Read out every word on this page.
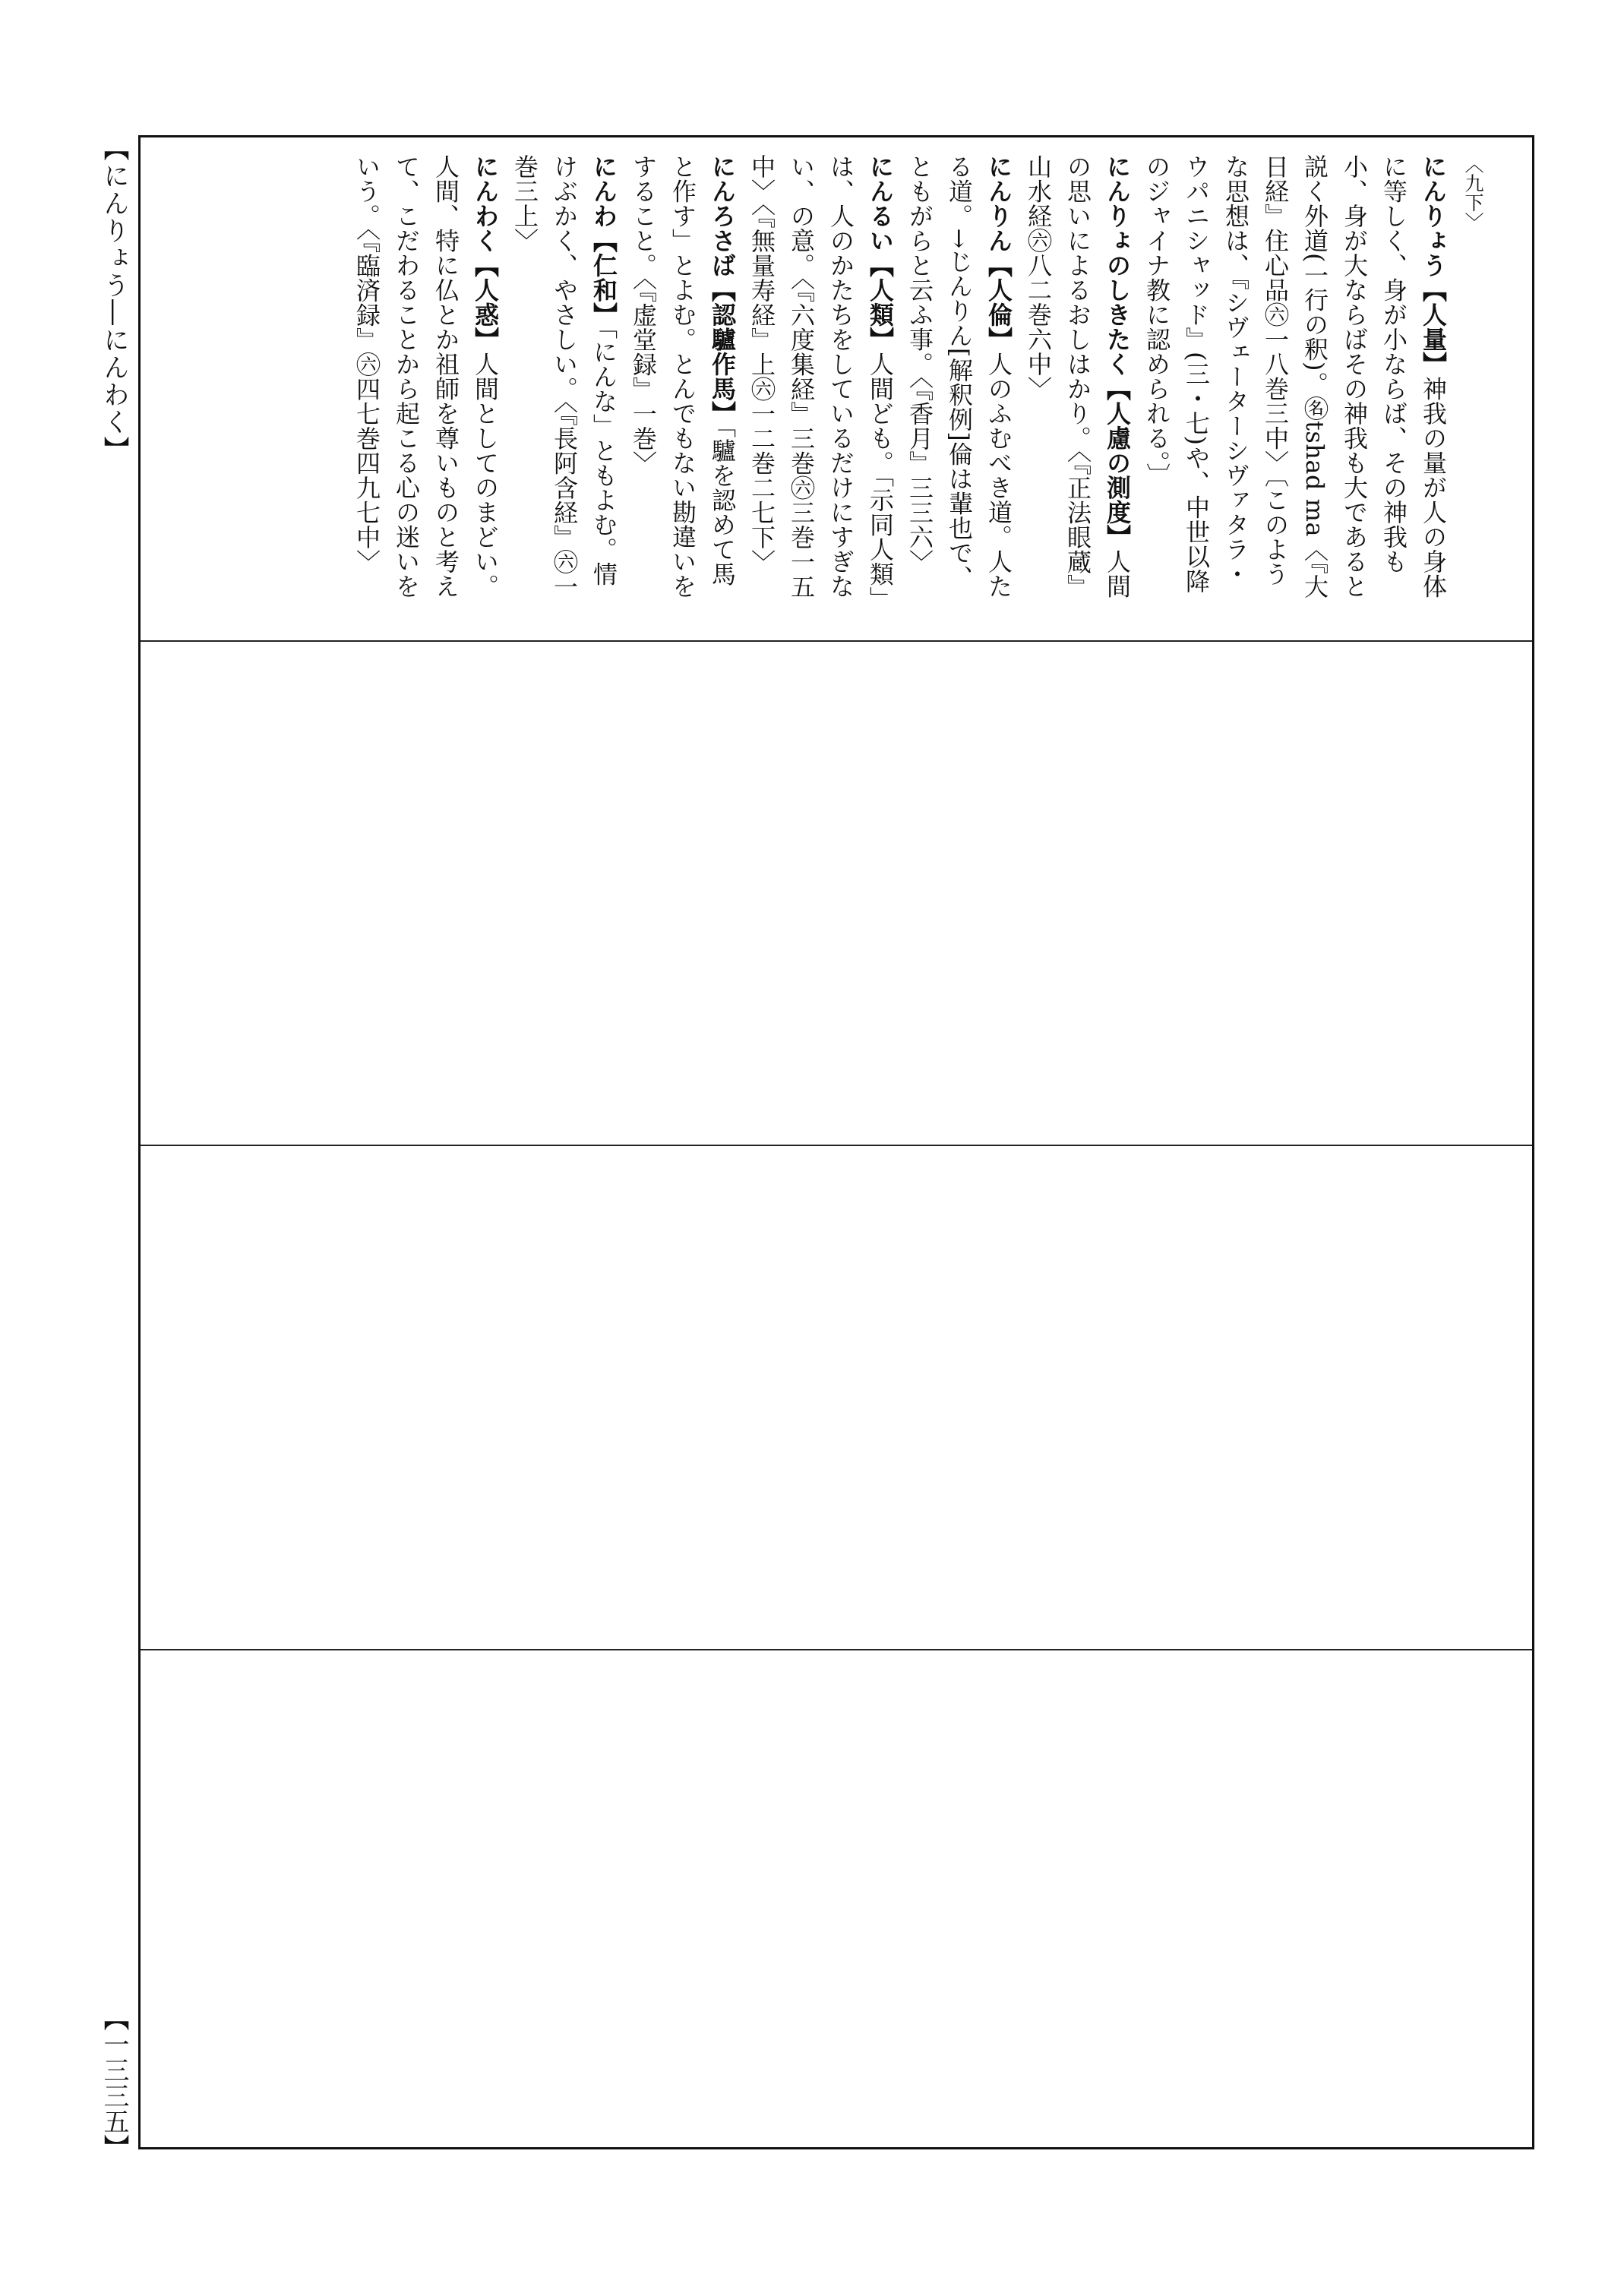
【にんりょう―にんわく】
【一三三五】

〈九下〉

にんりょう【人量】神我の量が人の身体に等しく、身が小ならば、その神我も小、身が大ならばその神我も大であると説く外道(一行の釈)。㊔tshad ma〈『大日経』住心品㊅一八巻三中〉〔このような思想は、『シヴェーターシヴァタラ・ウパニシャッド』(三・七)や、中世以降のジャイナ教に認められる。〕

にんりょのしきたく【人慮の測度】人間の思いによるおしはかり。〈『正法眼蔵』山水経㊅八二巻六中〉

にんりん【人倫】人のふむべき道。人たる道。→じんりん[解釈例]倫は輩也で、ともがらと云ふ事。〈『香月』三三六〉

にんるい【人類】人間ども。「示同人類」は、人のかたちをしているだけにすぎない、の意。〈『六度集経』三巻㊅三巻一五中〉〈『無量寿経』上㊅一二巻二七下〉

にんろさば【認驢作馬】「驢を認めて馬と作す」とよむ。とんでもない勘違いをすること。〈『虚堂録』一巻〉

にんわ【仁和】「にんな」ともよむ。情けぶかく、やさしい。〈『長阿含経』㊅一巻三上〉

にんわく【人惑】人間としてのまどい。人間、特に仏とか祖師を尊いものと考えて、こだわることから起こる心の迷いをいう。〈『臨済録』㊅四七巻四九七中〉
